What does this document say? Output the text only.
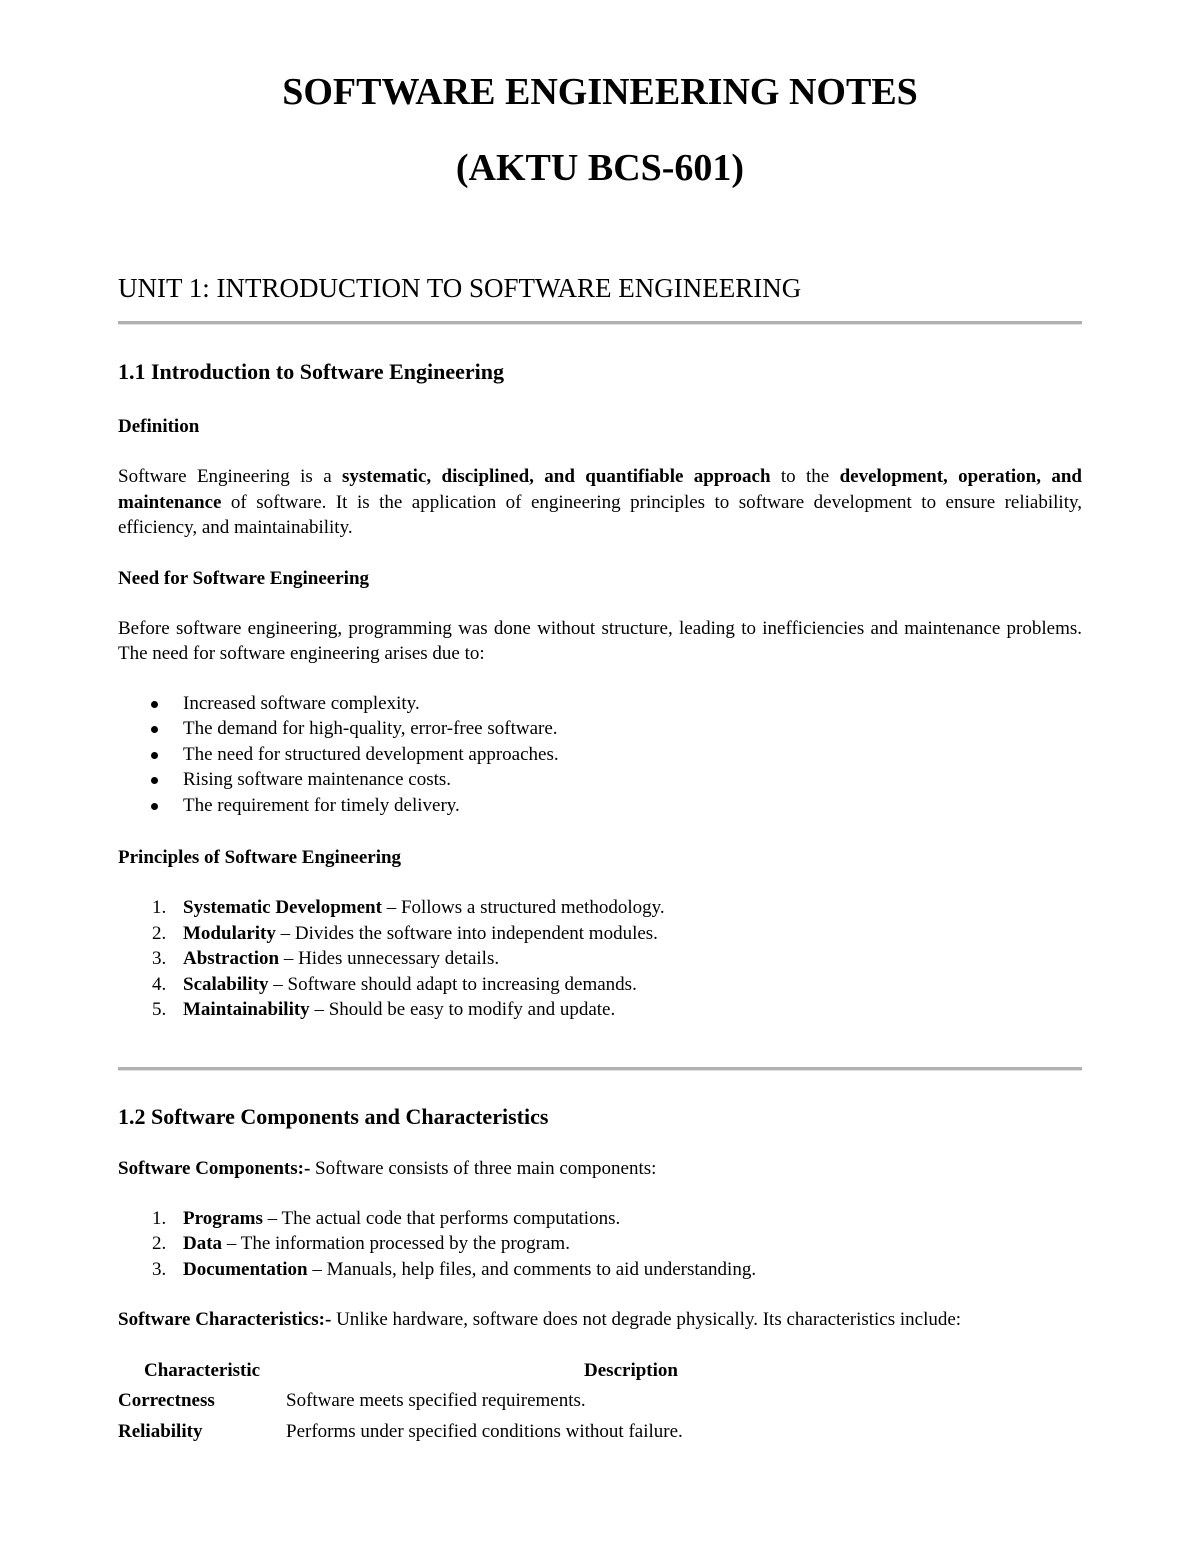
SOFTWARE ENGINEERING NOTES
(AKTU BCS-601)
UNIT 1: INTRODUCTION TO SOFTWARE ENGINEERING
1.1 Introduction to Software Engineering
Definition

Software Engineering is a systematic, disciplined, and quantifiable approach to the development, operation, and maintenance of software. It is the application of engineering principles to software development to ensure reliability, efficiency, and maintainability.

Need for Software Engineering

Before software engineering, programming was done without structure, leading to inefficiencies and maintenance problems. The need for software engineering arises due to:

Increased software complexity.
The demand for high-quality, error-free software.
The need for structured development approaches.
Rising software maintenance costs.
The requirement for timely delivery.
Principles of Software Engineering
1. Systematic Development – Follows a structured methodology.
2. Modularity – Divides the software into independent modules.
3. Abstraction – Hides unnecessary details.
4. Scalability – Software should adapt to increasing demands.
5. Maintainability – Should be easy to modify and update.
1.2 Software Components and Characteristics

Software Components:- Software consists of three main components:

1. Programs – The actual code that performs computations.
2. Data – The information processed by the program.
3. Documentation – Manuals, help files, and comments to aid understanding.

Software Characteristics:- Unlike hardware, software does not degrade physically. Its characteristics include:

Characteristic	Description
Correctness	Software meets specified requirements.
Reliability	Performs under specified conditions without failure.
